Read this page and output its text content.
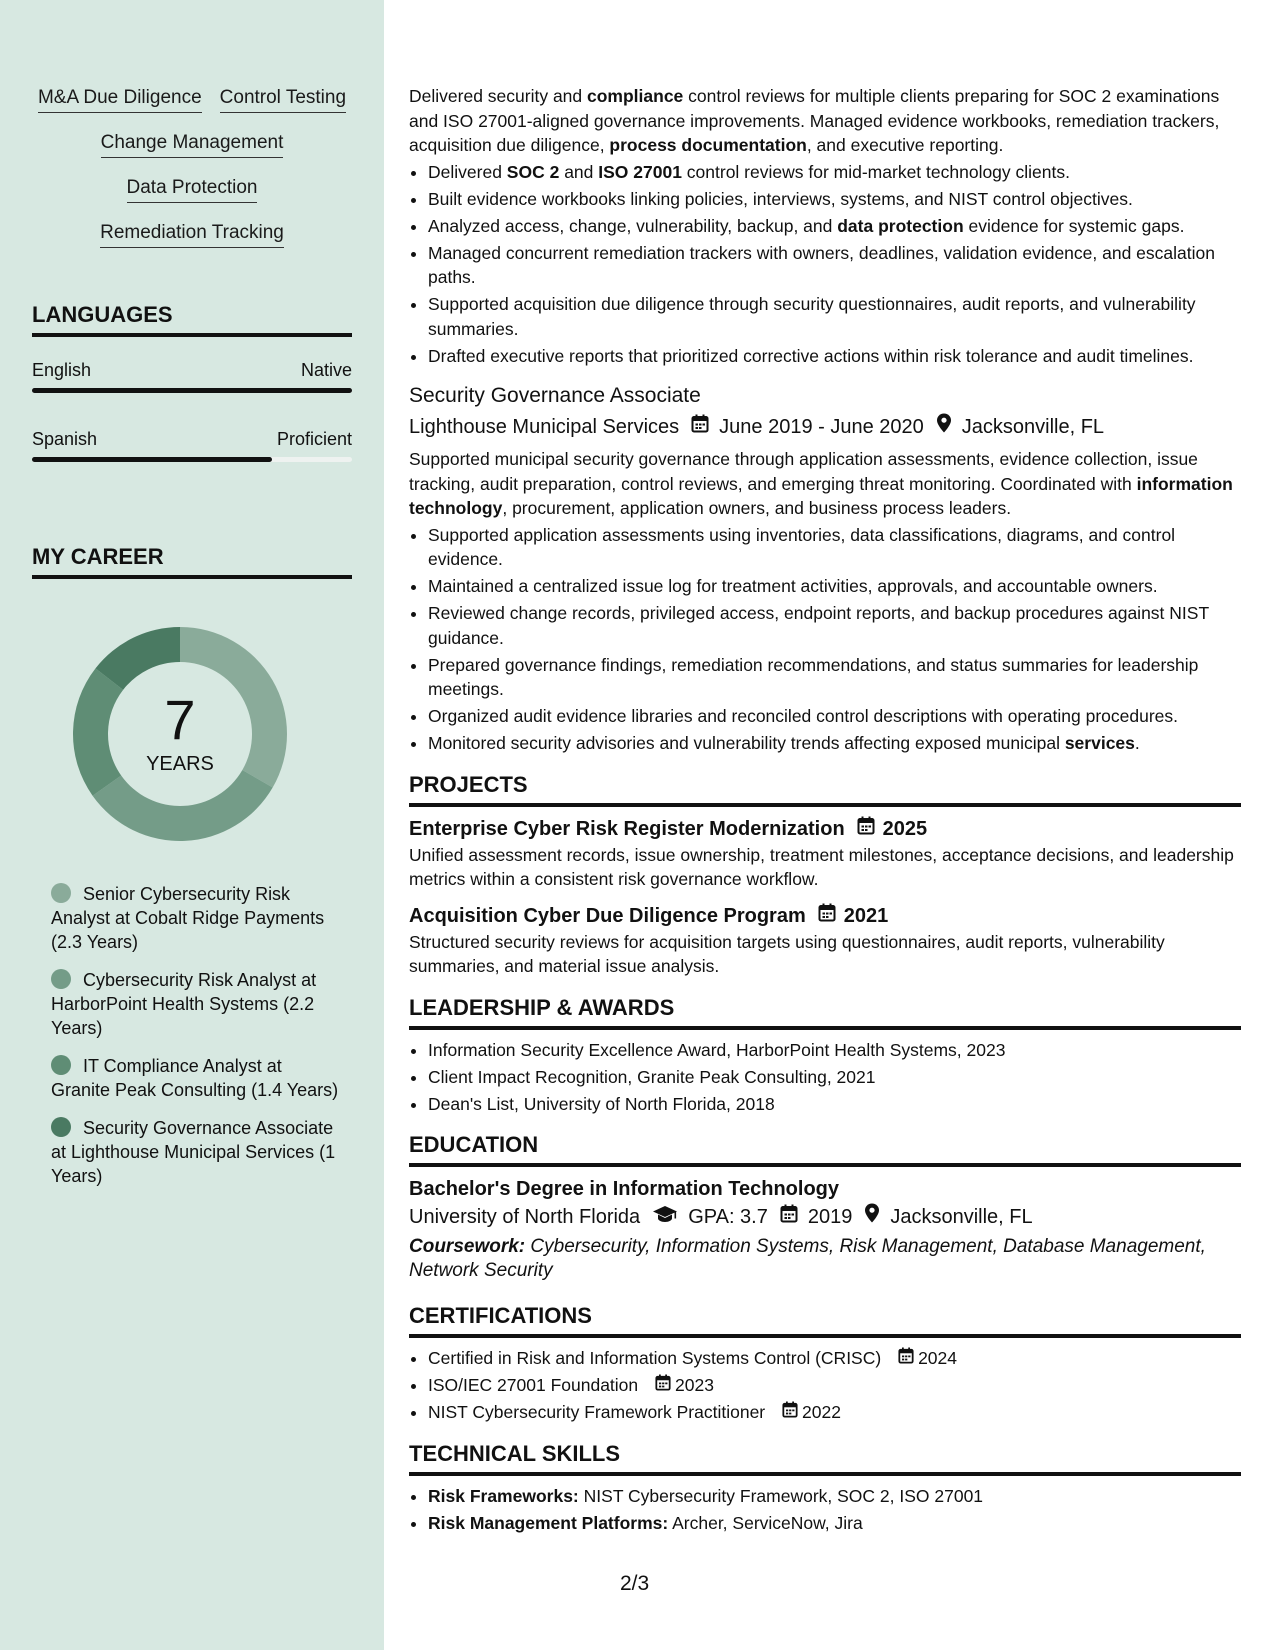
M&A Due Diligence Control Testing
Change Management
Data Protection
Remediation Tracking
LANGUAGES
English	Native
Spanish	Proficient
MY CAREER
7
YEARS
Senior Cybersecurity Risk Analyst at Cobalt Ridge Payments (2.3 Years)
Cybersecurity Risk Analyst at HarborPoint Health Systems (2.2 Years)
IT Compliance Analyst at Granite Peak Consulting (1.4 Years)
Security Governance Associate at Lighthouse Municipal Services (1 Years)

Delivered security and compliance control reviews for multiple clients preparing for SOC 2 examinations and ISO 27001-aligned governance improvements. Managed evidence workbooks, remediation trackers, acquisition due diligence, process documentation, and executive reporting.

• Delivered SOC 2 and ISO 27001 control reviews for mid-market technology clients.
• Built evidence workbooks linking policies, interviews, systems, and NIST control objectives.
• Analyzed access, change, vulnerability, backup, and data protection evidence for systemic gaps.
• Managed concurrent remediation trackers with owners, deadlines, validation evidence, and escalation paths.
• Supported acquisition due diligence through security questionnaires, audit reports, and vulnerability summaries.
• Drafted executive reports that prioritized corrective actions within risk tolerance and audit timelines.
Security Governance Associate
Lighthouse Municipal Services June 2019 - June 2020 Jacksonville, FL

Supported municipal security governance through application assessments, evidence collection, issue tracking, audit preparation, control reviews, and emerging threat monitoring. Coordinated with information technology, procurement, application owners, and business process leaders.

• Supported application assessments using inventories, data classifications, diagrams, and control evidence.
• Maintained a centralized issue log for treatment activities, approvals, and accountable owners.
• Reviewed change records, privileged access, endpoint reports, and backup procedures against NIST guidance.
• Prepared governance findings, remediation recommendations, and status summaries for leadership meetings.
• Organized audit evidence libraries and reconciled control descriptions with operating procedures.
• Monitored security advisories and vulnerability trends affecting exposed municipal services.
PROJECTS
Enterprise Cyber Risk Register Modernization 2025

Unified assessment records, issue ownership, treatment milestones, acceptance decisions, and leadership metrics within a consistent risk governance workflow.

Acquisition Cyber Due Diligence Program 2021

Structured security reviews for acquisition targets using questionnaires, audit reports, vulnerability summaries, and material issue analysis.

LEADERSHIP & AWARDS
• Information Security Excellence Award, HarborPoint Health Systems, 2023
• Client Impact Recognition, Granite Peak Consulting, 2021
• Dean's List, University of North Florida, 2018
EDUCATION
Bachelor's Degree in Information Technology
University of North Florida GPA: 3.7 2019 Jacksonville, FL
Coursework: Cybersecurity, Information Systems, Risk Management, Database Management, Network Security
CERTIFICATIONS
• Certified in Risk and Information Systems Control (CRISC) 2024
• ISO/IEC 27001 Foundation 2023
• NIST Cybersecurity Framework Practitioner 2022
TECHNICAL SKILLS
• Risk Frameworks: NIST Cybersecurity Framework, SOC 2, ISO 27001
• Risk Management Platforms: Archer, ServiceNow, Jira
2/3
